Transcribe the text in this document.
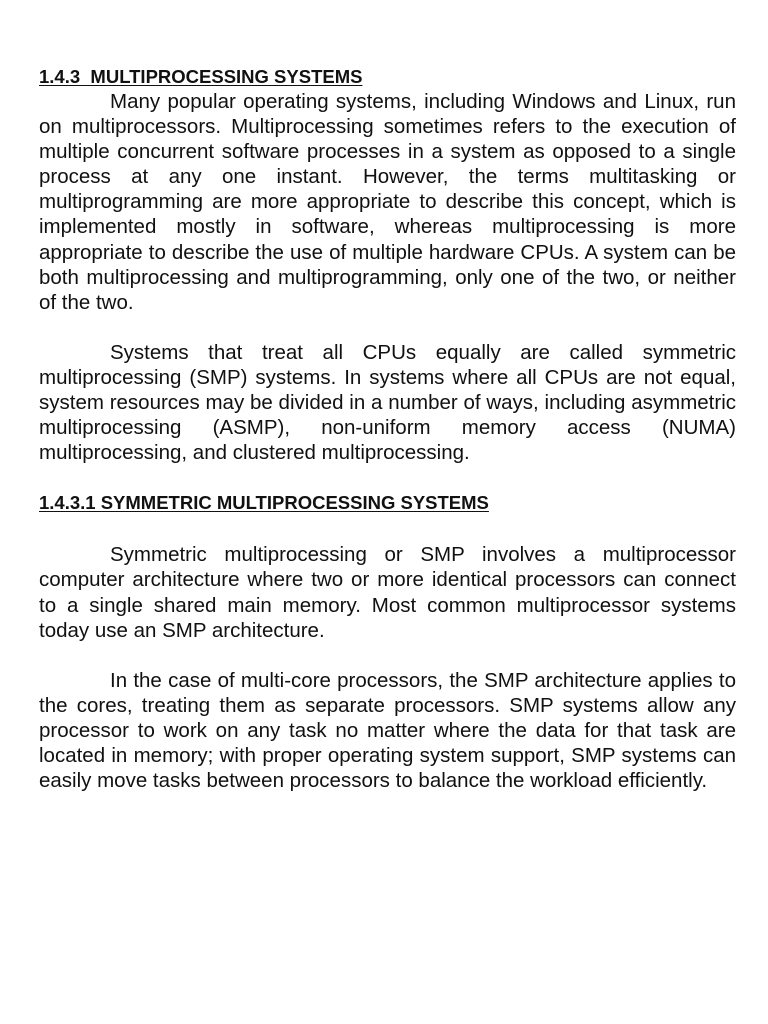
1.4.3  MULTIPROCESSING SYSTEMS

Many popular operating systems, including Windows and Linux, run on multiprocessors. Multiprocessing sometimes refers to the execution of multiple concurrent software processes in a system as opposed to a single process at any one instant. However, the terms multitasking or multiprogramming are more appropriate to describe this concept, which is implemented mostly in software, whereas multiprocessing is more appropriate to describe the use of multiple hardware CPUs. A system can be both multiprocessing and multiprogramming, only one of the two, or neither of the two.

Systems that treat all CPUs equally are called symmetric multiprocessing (SMP) systems. In systems where all CPUs are not equal, system resources may be divided in a number of ways, including asymmetric multiprocessing (ASMP), non-uniform memory access (NUMA) multiprocessing, and clustered multiprocessing.

1.4.3.1 SYMMETRIC MULTIPROCESSING SYSTEMS

Symmetric multiprocessing or SMP involves a multiprocessor computer architecture where two or more identical processors can connect to a single shared main memory. Most common multiprocessor systems today use an SMP architecture.

In the case of multi-core processors, the SMP architecture applies to the cores, treating them as separate processors. SMP systems allow any processor to work on any task no matter where the data for that task are located in memory; with proper operating system support, SMP systems can easily move tasks between processors to balance the workload efficiently.
